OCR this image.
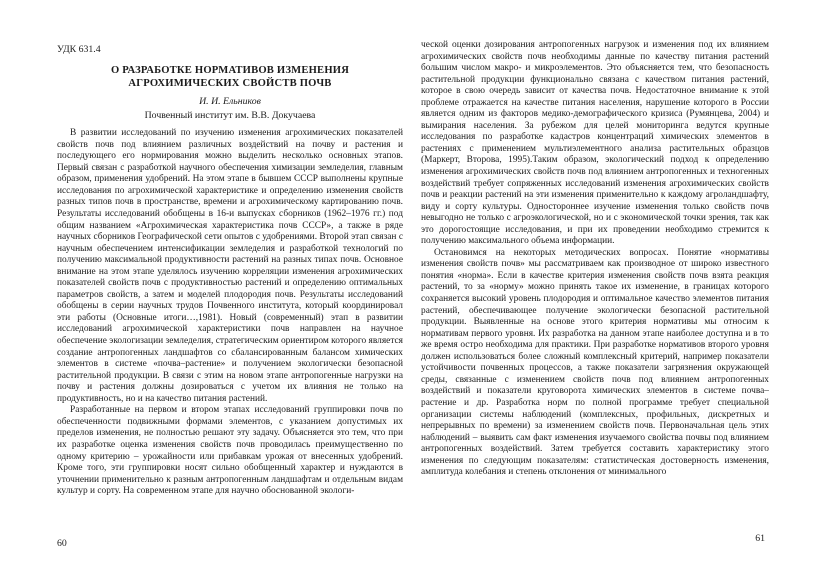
УДК 631.4
О РАЗРАБОТКЕ НОРМАТИВОВ ИЗМЕНЕНИЯ
АГРОХИМИЧЕСКИХ СВОЙСТВ ПОЧВ
И. И. Ельников
Почвенный институт им. В.В. Докучаева

В развитии исследований по изучению изменения агрохимических показателей свойств почв под влиянием различных воздействий на почву и растения и последующего его нормирования можно выделить несколько основных этапов. Первый связан с разработкой научного обеспечения химизации земледелия, главным образом, применения удобрений. На этом этапе в бывшем СССР выполнены крупные исследования по агрохимической характеристике и определению изменения свойств разных типов почв в пространстве, времени и агрохимическому картированию почв. Результаты исследований обобщены в 16-и выпусках сборников (1962–1976 гг.) под общим названием «Агрохимическая характеристика почв СССР», а также в ряде научных сборников Географической сети опытов с удобрениями. Второй этап связан с научным обеспечением интенсификации земледелия и разработкой технологий по получению максимальной продуктивности растений на разных типах почв. Основное внимание на этом этапе уделялось изучению корреляции изменения агрохимических показателей свойств почв с продуктивностью растений и определению оптимальных параметров свойств, а затем и моделей плодородия почв. Результаты исследований обобщены в серии научных трудов Почвенного института, который координировал эти работы (Основные итоги…,1981). Новый (современный) этап в развитии исследований агрохимической характеристики почв направлен на научное обеспечение экологизации земледелия, стратегическим ориентиром которого является создание антропогенных ландшафтов со сбалансированным балансом химических элементов в системе «почва–растение» и получением экологически безопасной растительной продукции. В связи с этим на новом этапе антропогенные нагрузки на почву и растения должны дозироваться с учетом их влияния не только на продуктивность, но и на качество питания растений.

Разработанные на первом и втором этапах исследований группировки почв по обеспеченности подвижными формами элементов, с указанием допустимых их пределов изменения, не полностью решают эту задачу. Объясняется это тем, что при их разработке оценка изменения свойств почв проводилась преимущественно по одному критерию – урожайности или прибавкам урожая от внесенных удобрений. Кроме того, эти группировки носят сильно обобщенный характер и нуждаются в уточнении применительно к разным антропогенным ландшафтам и отдельным видам культур и сорту. На современном этапе для научно обоснованной экологи-

60

ческой оценки дозирования антропогенных нагрузок и изменения под их влиянием агрохимических свойств почв необходимы данные по качеству питания растений большим числом макро- и микроэлементов. Это объясняется тем, что безопасность растительной продукции функционально связана с качеством питания растений, которое в свою очередь зависит от качества почв. Недостаточное внимание к этой проблеме отражается на качестве питания населения, нарушение которого в России является одним из факторов медико-демографического кризиса (Румянцева, 2004) и вымирания населения. За рубежом для целей мониторинга ведутся крупные исследования по разработке кадастров концентраций химических элементов в растениях с применением мультиэлементного анализа растительных образцов (Маркерт, Второва, 1995).Таким образом, экологический подход к определению изменения агрохимических свойств почв под влиянием антропогенных и техногенных воздействий требует сопряженных исследований изменения агрохимических свойств почв и реакции растений на эти изменения применительно к каждому агроландшафту, виду и сорту культуры. Одностороннее изучение изменения только свойств почв невыгодно не только с агроэкологической, но и с экономической точки зрения, так как это дорогостоящие исследования, и при их проведении необходимо стремится к получению максимального объема информации.

Остановимся на некоторых методических вопросах. Понятие «нормативы изменения свойств почв» мы рассматриваем как производное от широко известного понятия «норма». Если в качестве критерия изменения свойств почв взята реакция растений, то за «норму» можно принять такое их изменение, в границах которого сохраняется высокий уровень плодородия и оптимальное качество элементов питания растений, обеспечивающее получение экологически безопасной растительной продукции. Выявленные на основе этого критерия нормативы мы относим к нормативам первого уровня. Их разработка на данном этапе наиболее доступна и в то же время остро необходима для практики. При разработке нормативов второго уровня должен использоваться более сложный комплексный критерий, например показатели устойчивости почвенных процессов, а также показатели загрязнения окружающей среды, связанные с изменением свойств почв под влиянием антропогенных воздействий и показатели круговорота химических элементов в системе почва–растение и др. Разработка норм по полной программе требует специальной организации системы наблюдений (комплексных, профильных, дискретных и непрерывных по времени) за изменением свойств почв. Первоначальная цель этих наблюдений – выявить сам факт изменения изучаемого свойства почвы под влиянием антропогенных воздействий. Затем требуется составить характеристику этого изменения по следующим показателям: статистическая достоверность изменения, амплитуда колебания и степень отклонения от минимального

61
